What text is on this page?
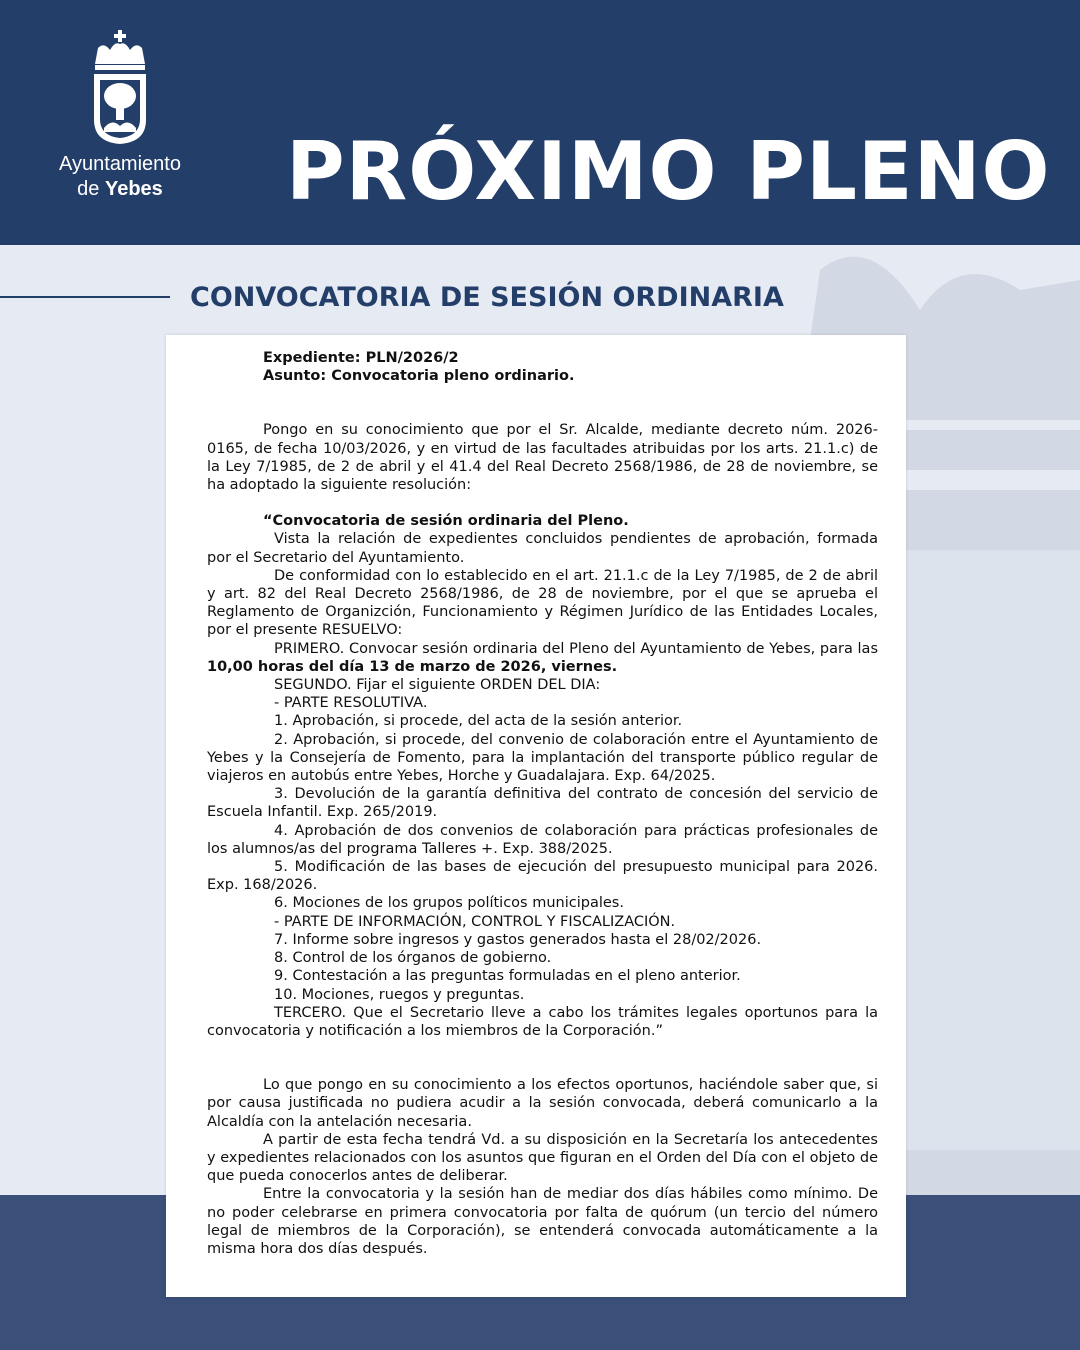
Ayuntamiento
de Yebes	PRÓXIMO PLENO
CONVOCATORIA DE SESIÓN ORDINARIA

Expediente: PLN/2026/2

Asunto: Convocatoria pleno ordinario.

Pongo en su conocimiento que por el Sr. Alcalde, mediante decreto núm. 2026-0165, de fecha 10/03/2026, y en virtud de las facultades atribuidas por los arts. 21.1.c) de la Ley 7/1985, de 2 de abril y el 41.4 del Real Decreto 2568/1986, de 28 de noviembre, se ha adoptado la siguiente resolución:

“Convocatoria de sesión ordinaria del Pleno.

Vista la relación de expedientes concluidos pendientes de aprobación, formada por el Secretario del Ayuntamiento.

De conformidad con lo establecido en el art. 21.1.c de la Ley 7/1985, de 2 de abril y art. 82 del Real Decreto 2568/1986, de 28 de noviembre, por el que se aprueba el Reglamento de Organizción, Funcionamiento y Régimen Jurídico de las Entidades Locales, por el presente RESUELVO:

PRIMERO. Convocar sesión ordinaria del Pleno del Ayuntamiento de Yebes, para las 10,00 horas del día 13 de marzo de 2026, viernes.

SEGUNDO. Fijar el siguiente ORDEN DEL DIA:

- PARTE RESOLUTIVA.

1. Aprobación, si procede, del acta de la sesión anterior.

2. Aprobación, si procede, del convenio de colaboración entre el Ayuntamiento de Yebes y la Consejería de Fomento, para la implantación del transporte público regular de viajeros en autobús entre Yebes, Horche y Guadalajara. Exp. 64/2025.

3. Devolución de la garantía definitiva del contrato de concesión del servicio de Escuela Infantil. Exp. 265/2019.

4. Aprobación de dos convenios de colaboración para prácticas profesionales de los alumnos/as del programa Talleres +. Exp. 388/2025.

5. Modificación de las bases de ejecución del presupuesto municipal para 2026. Exp. 168/2026.

6. Mociones de los grupos políticos municipales.

- PARTE DE INFORMACIÓN, CONTROL Y FISCALIZACIÓN.

7. Informe sobre ingresos y gastos generados hasta el 28/02/2026.

8. Control de los órganos de gobierno.

9. Contestación a las preguntas formuladas en el pleno anterior.

10. Mociones, ruegos y preguntas.

TERCERO. Que el Secretario lleve a cabo los trámites legales oportunos para la convocatoria y notificación a los miembros de la Corporación.”

Lo que pongo en su conocimiento a los efectos oportunos, haciéndole saber que, si por causa justificada no pudiera acudir a la sesión convocada, deberá comunicarlo a la Alcaldía con la antelación necesaria.

A partir de esta fecha tendrá Vd. a su disposición en la Secretaría los antecedentes y expedientes relacionados con los asuntos que figuran en el Orden del Día con el objeto de que pueda conocerlos antes de deliberar.

Entre la convocatoria y la sesión han de mediar dos días hábiles como mínimo. De no poder celebrarse en primera convocatoria por falta de quórum (un tercio del número legal de miembros de la Corporación), se entenderá convocada automáticamente a la misma hora dos días después.
